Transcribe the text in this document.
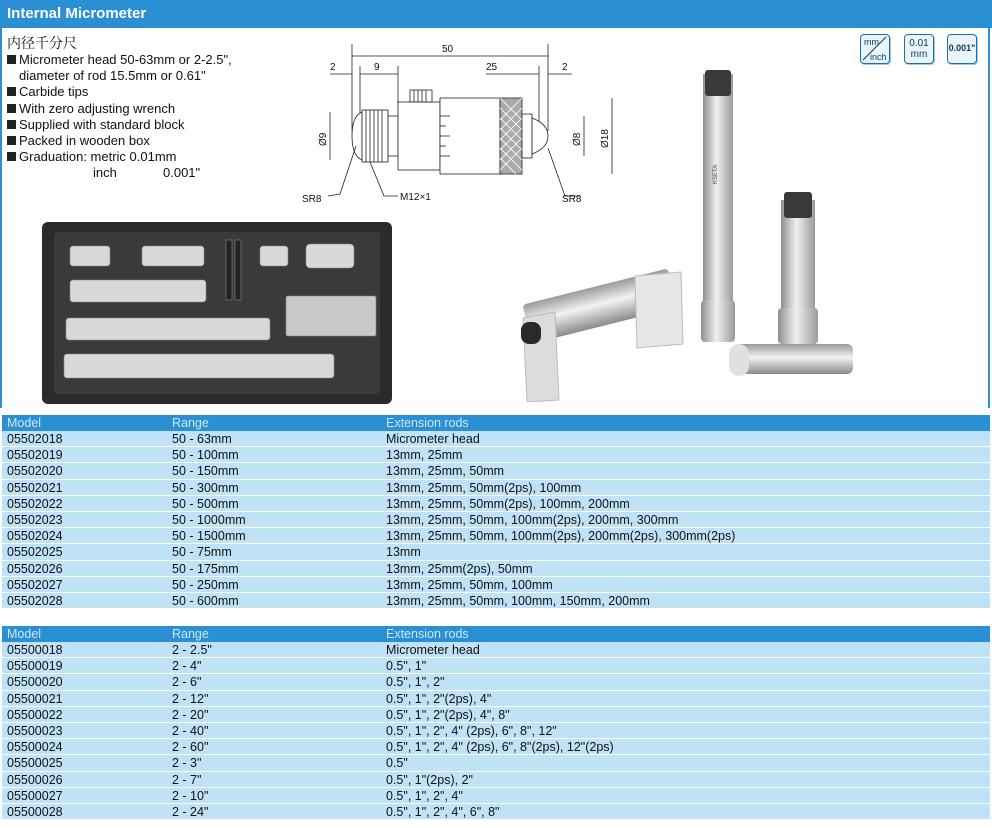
Internal Micrometer
内径千分尺
Micrometer head 50-63mm or 2-2.5",
diameter of rod 15.5mm or 0.61"
Carbide tips
With zero adjusting wrench
Supplied with standard block
Packed in wooden box
Graduation: metric 0.01mm
inch	0.001"
mm
inch
0.01
mm
0.001"
50
2	9	25	2
Ø9	Ø8 Ø18
SR8	M12×1	SR8
KSETA
Model	Range	Extension rods
05502018	50 - 63mm	Micrometer head
05502019	50 - 100mm	13mm, 25mm
05502020	50 - 150mm	13mm, 25mm, 50mm
05502021	50 - 300mm	13mm, 25mm, 50mm(2ps), 100mm
05502022	50 - 500mm	13mm, 25mm, 50mm(2ps), 100mm, 200mm
05502023	50 - 1000mm	13mm, 25mm, 50mm, 100mm(2ps), 200mm, 300mm
05502024	50 - 1500mm	13mm, 25mm, 50mm, 100mm(2ps), 200mm(2ps), 300mm(2ps)
05502025	50 - 75mm	13mm
05502026	50 - 175mm	13mm, 25mm(2ps), 50mm
05502027	50 - 250mm	13mm, 25mm, 50mm, 100mm
05502028	50 - 600mm	13mm, 25mm, 50mm, 100mm, 150mm, 200mm
Model	Range	Extension rods
05500018	2 - 2.5"	Micrometer head
05500019	2 - 4"	0.5", 1"
05500020	2 - 6"	0.5", 1", 2"
05500021	2 - 12"	0.5", 1", 2"(2ps), 4"
05500022	2 - 20"	0.5", 1", 2"(2ps), 4", 8"
05500023	2 - 40"	0.5", 1", 2", 4" (2ps), 6", 8", 12"
05500024	2 - 60"	0.5", 1", 2", 4" (2ps), 6", 8"(2ps), 12"(2ps)
05500025	2 - 3"	0.5"
05500026	2 - 7"	0.5", 1"(2ps), 2"
05500027	2 - 10"	0.5", 1", 2", 4"
05500028	2 - 24"	0.5", 1", 2", 4", 6", 8"
